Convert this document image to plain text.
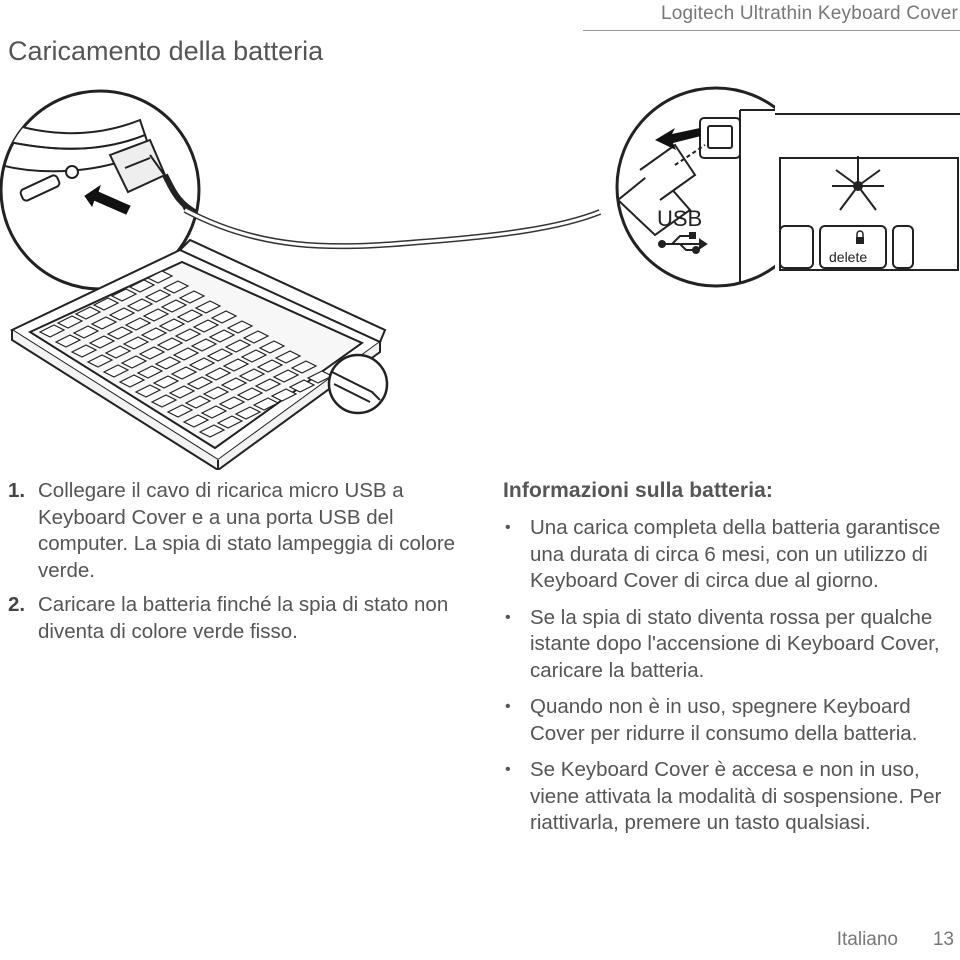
Logitech Ultrathin Keyboard Cover
Caricamento della batteria
USB
delete
1. Collegare il cavo di ricarica micro USB a Keyboard Cover e a una porta USB del computer. La spia di stato lampeggia di colore verde.
2. Caricare la batteria finché la spia di stato non diventa di colore verde fisso.
Informazioni sulla batteria:
• Una carica completa della batteria garantisce una durata di circa 6 mesi, con un utilizzo di Keyboard Cover di circa due al giorno.
• Se la spia di stato diventa rossa per qualche istante dopo l'accensione di Keyboard Cover, caricare la batteria.
• Quando non è in uso, spegnere Keyboard Cover per ridurre il consumo della batteria.
• Se Keyboard Cover è accesa e non in uso, viene attivata la modalità di sospensione. Per riattivarla, premere un tasto qualsiasi.
Italiano 13
